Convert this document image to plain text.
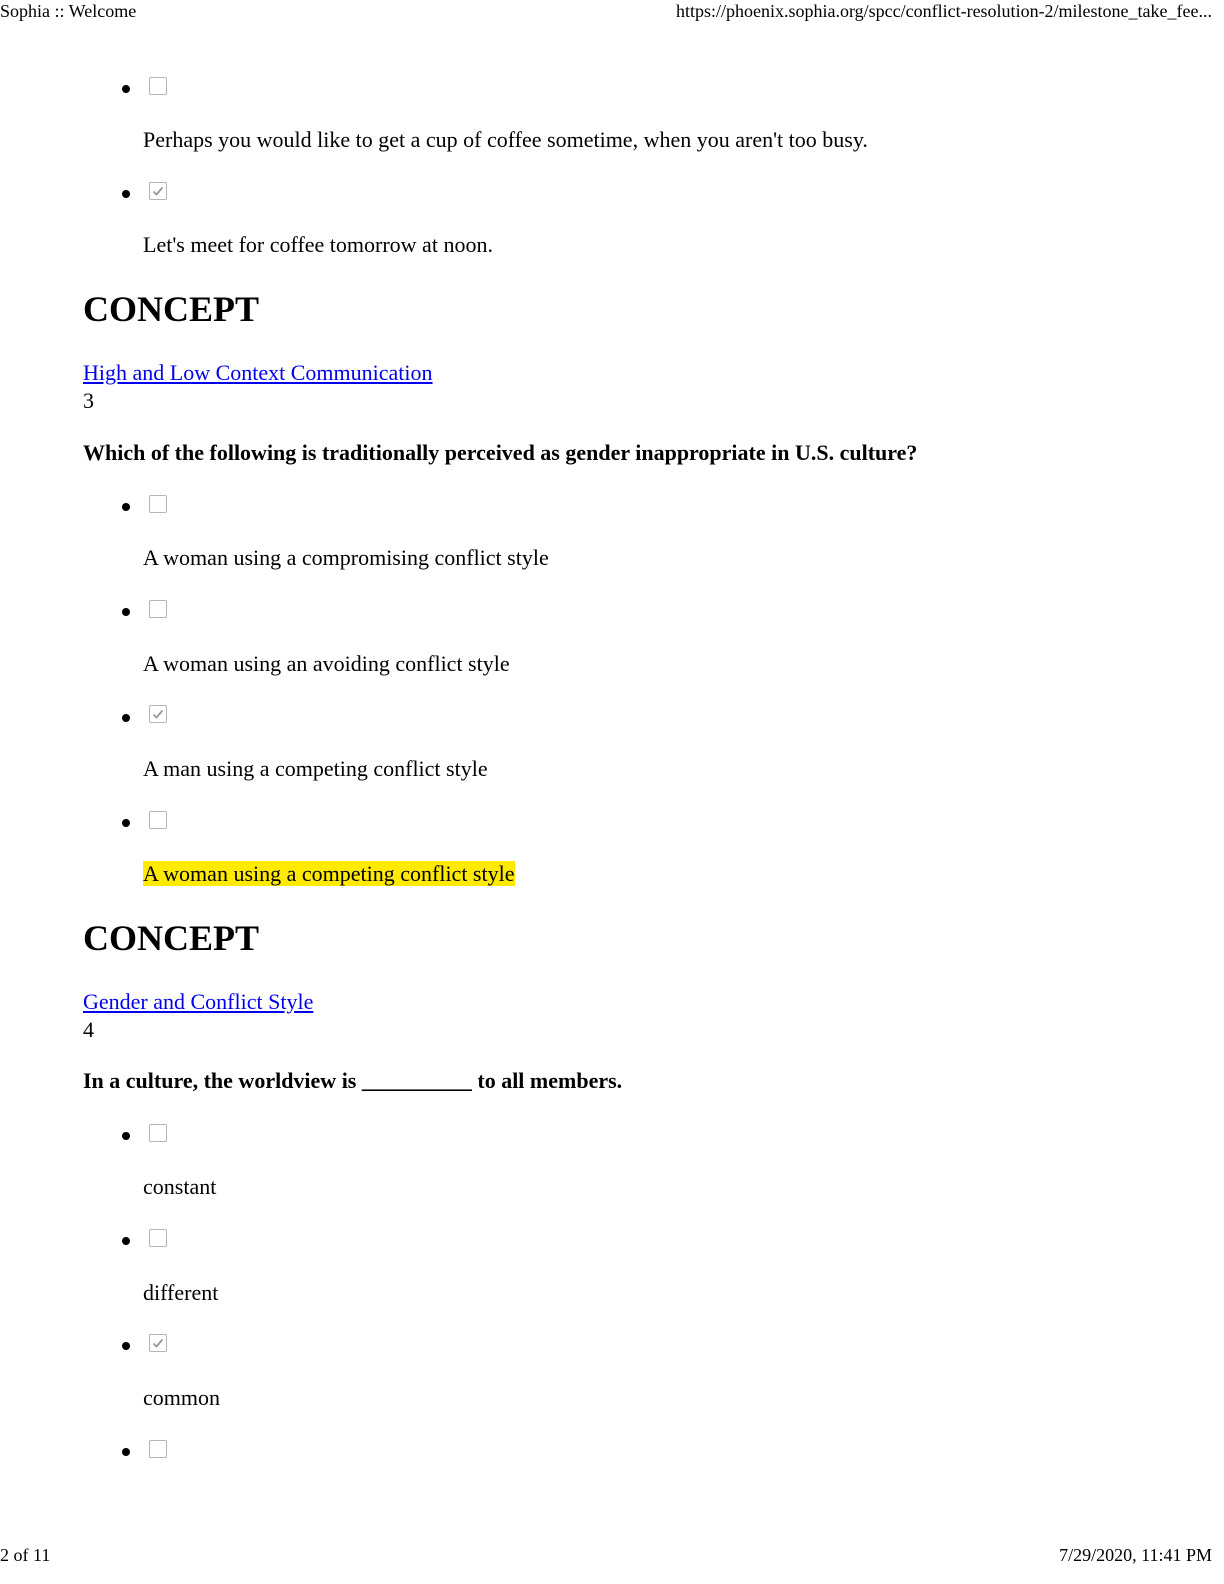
Sophia :: Welcome	https://phoenix.sophia.org/spcc/conflict-resolution-2/milestone_take_fee...
Perhaps you would like to get a cup of coffee sometime, when you aren't too busy.
Let's meet for coffee tomorrow at noon.
CONCEPT
High and Low Context Communication
3
Which of the following is traditionally perceived as gender inappropriate in U.S. culture?
A woman using a compromising conflict style
A woman using an avoiding conflict style
A man using a competing conflict style
A woman using a competing conflict style
CONCEPT
Gender and Conflict Style
4
In a culture, the worldview is __________ to all members.
constant
different
common
2 of 11	7/29/2020, 11:41 PM
